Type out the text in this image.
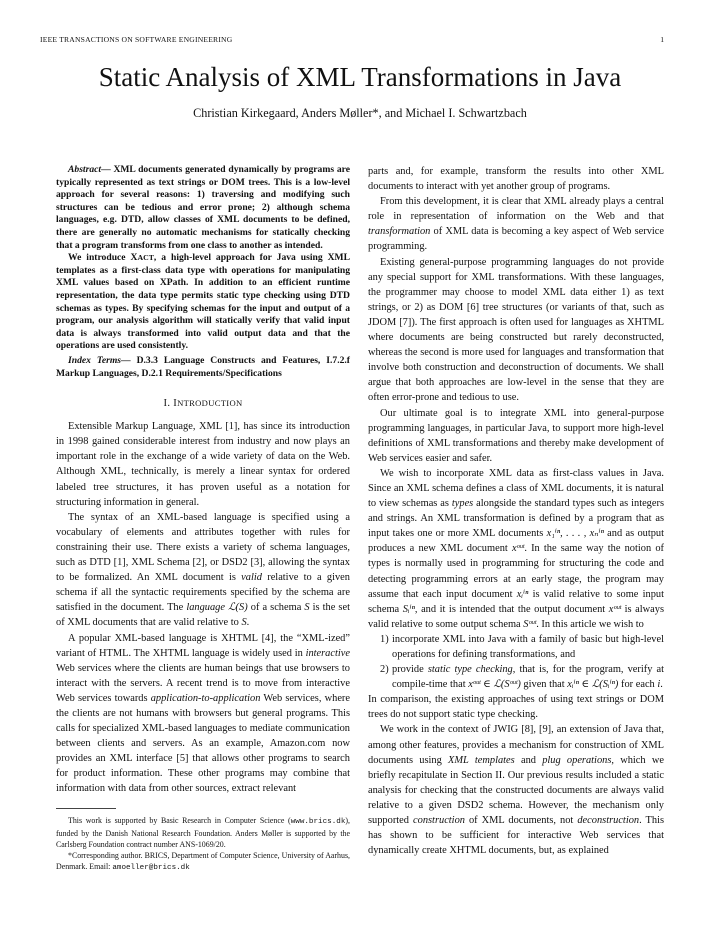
IEEE TRANSACTIONS ON SOFTWARE ENGINEERING	1
Static Analysis of XML Transformations in Java
Christian Kirkegaard, Anders Møller*, and Michael I. Schwartzbach

Abstract— XML documents generated dynamically by programs are typically represented as text strings or DOM trees. This is a low-level approach for several reasons: 1) traversing and modifying such structures can be tedious and error prone; 2) although schema languages, e.g. DTD, allow classes of XML documents to be defined, there are generally no automatic mechanisms for statically checking that a program transforms from one class to another as intended.

We introduce XACT, a high-level approach for Java using XML templates as a first-class data type with operations for manipulating XML values based on XPath. In addition to an efficient runtime representation, the data type permits static type checking using DTD schemas as types. By specifying schemas for the input and output of a program, our analysis algorithm will statically verify that valid input data is always transformed into valid output data and that the operations are used consistently.

Index Terms— D.3.3 Language Constructs and Features, I.7.2.f Markup Languages, D.2.1 Requirements/Specifications

I. INTRODUCTION

Extensible Markup Language, XML [1], has since its introduction in 1998 gained considerable interest from industry and now plays an important role in the exchange of a wide variety of data on the Web. Although XML, technically, is merely a linear syntax for ordered labeled tree structures, it has proven useful as a notation for structuring information in general.

The syntax of an XML-based language is specified using a vocabulary of elements and attributes together with rules for constraining their use. There exists a variety of schema languages, such as DTD [1], XML Schema [2], or DSD2 [3], allowing the syntax to be formalized. An XML document is valid relative to a given schema if all the syntactic requirements specified by the schema are satisfied in the document. The language ℒ(S) of a schema S is the set of XML documents that are valid relative to S.

A popular XML-based language is XHTML [4], the “XML-ized” variant of HTML. The XHTML language is widely used in interactive Web services where the clients are human beings that use browsers to interact with the servers. A recent trend is to move from interactive Web services towards application-to-application Web services, where the clients are not humans with browsers but general programs. This calls for specialized XML-based languages to mediate communication between clients and servers. As an example, Amazon.com now provides an XML interface [5] that allows other programs to search for product information. These other programs may combine that information with data from other sources, extract relevant

This work is supported by Basic Research in Computer Science (www.brics.dk), funded by the Danish National Research Foundation. Anders Møller is supported by the Carlsberg Foundation contract number ANS-1069/20.

*Corresponding author. BRICS, Department of Computer Science, University of Aarhus, Denmark. Email: amoeller@brics.dk

parts and, for example, transform the results into other XML documents to interact with yet another group of programs.

From this development, it is clear that XML already plays a central role in representation of information on the Web and that transformation of XML data is becoming a key aspect of Web service programming.

Existing general-purpose programming languages do not provide any special support for XML transformations. With these languages, the programmer may choose to model XML data either 1) as text strings, or 2) as DOM [6] tree structures (or variants of that, such as JDOM [7]). The first approach is often used for languages as XHTML where documents are being constructed but rarely deconstructed, whereas the second is more used for languages and transformation that involve both construction and deconstruction of documents. We shall argue that both approaches are low-level in the sense that they are often error-prone and tedious to use.

Our ultimate goal is to integrate XML into general-purpose programming languages, in particular Java, to support more high-level definitions of XML transformations and thereby make development of Web services easier and safer.

We wish to incorporate XML data as first-class values in Java. Since an XML schema defines a class of XML documents, it is natural to view schemas as types alongside the standard types such as integers and strings. An XML transformation is defined by a program that as input takes one or more XML documents x₁ⁱⁿ, . . . , xₙⁱⁿ and as output produces a new XML document xᵒᵘᵗ. In the same way the notion of types is normally used in programming for structuring the code and detecting programming errors at an early stage, the program may assume that each input document xᵢⁱⁿ is valid relative to some input schema Sᵢⁱⁿ, and it is intended that the output document xᵒᵘᵗ is always valid relative to some output schema Sᵒᵘᵗ. In this article we wish to

1) incorporate XML into Java with a family of basic but high-level operations for defining transformations, and
2) provide static type checking, that is, for the program, verify at compile-time that xᵒᵘᵗ ∈ ℒ(Sᵒᵘᵗ) given that xᵢⁱⁿ ∈ ℒ(Sᵢⁱⁿ) for each i.

In comparison, the existing approaches of using text strings or DOM trees do not support static type checking.

We work in the context of JWIG [8], [9], an extension of Java that, among other features, provides a mechanism for construction of XML documents using XML templates and plug operations, which we briefly recapitulate in Section II. Our previous results included a static analysis for checking that the constructed documents are always valid relative to a given DSD2 schema. However, the mechanism only supported construction of XML documents, not deconstruction. This has shown to be sufficient for interactive Web services that dynamically create XHTML documents, but, as explained
